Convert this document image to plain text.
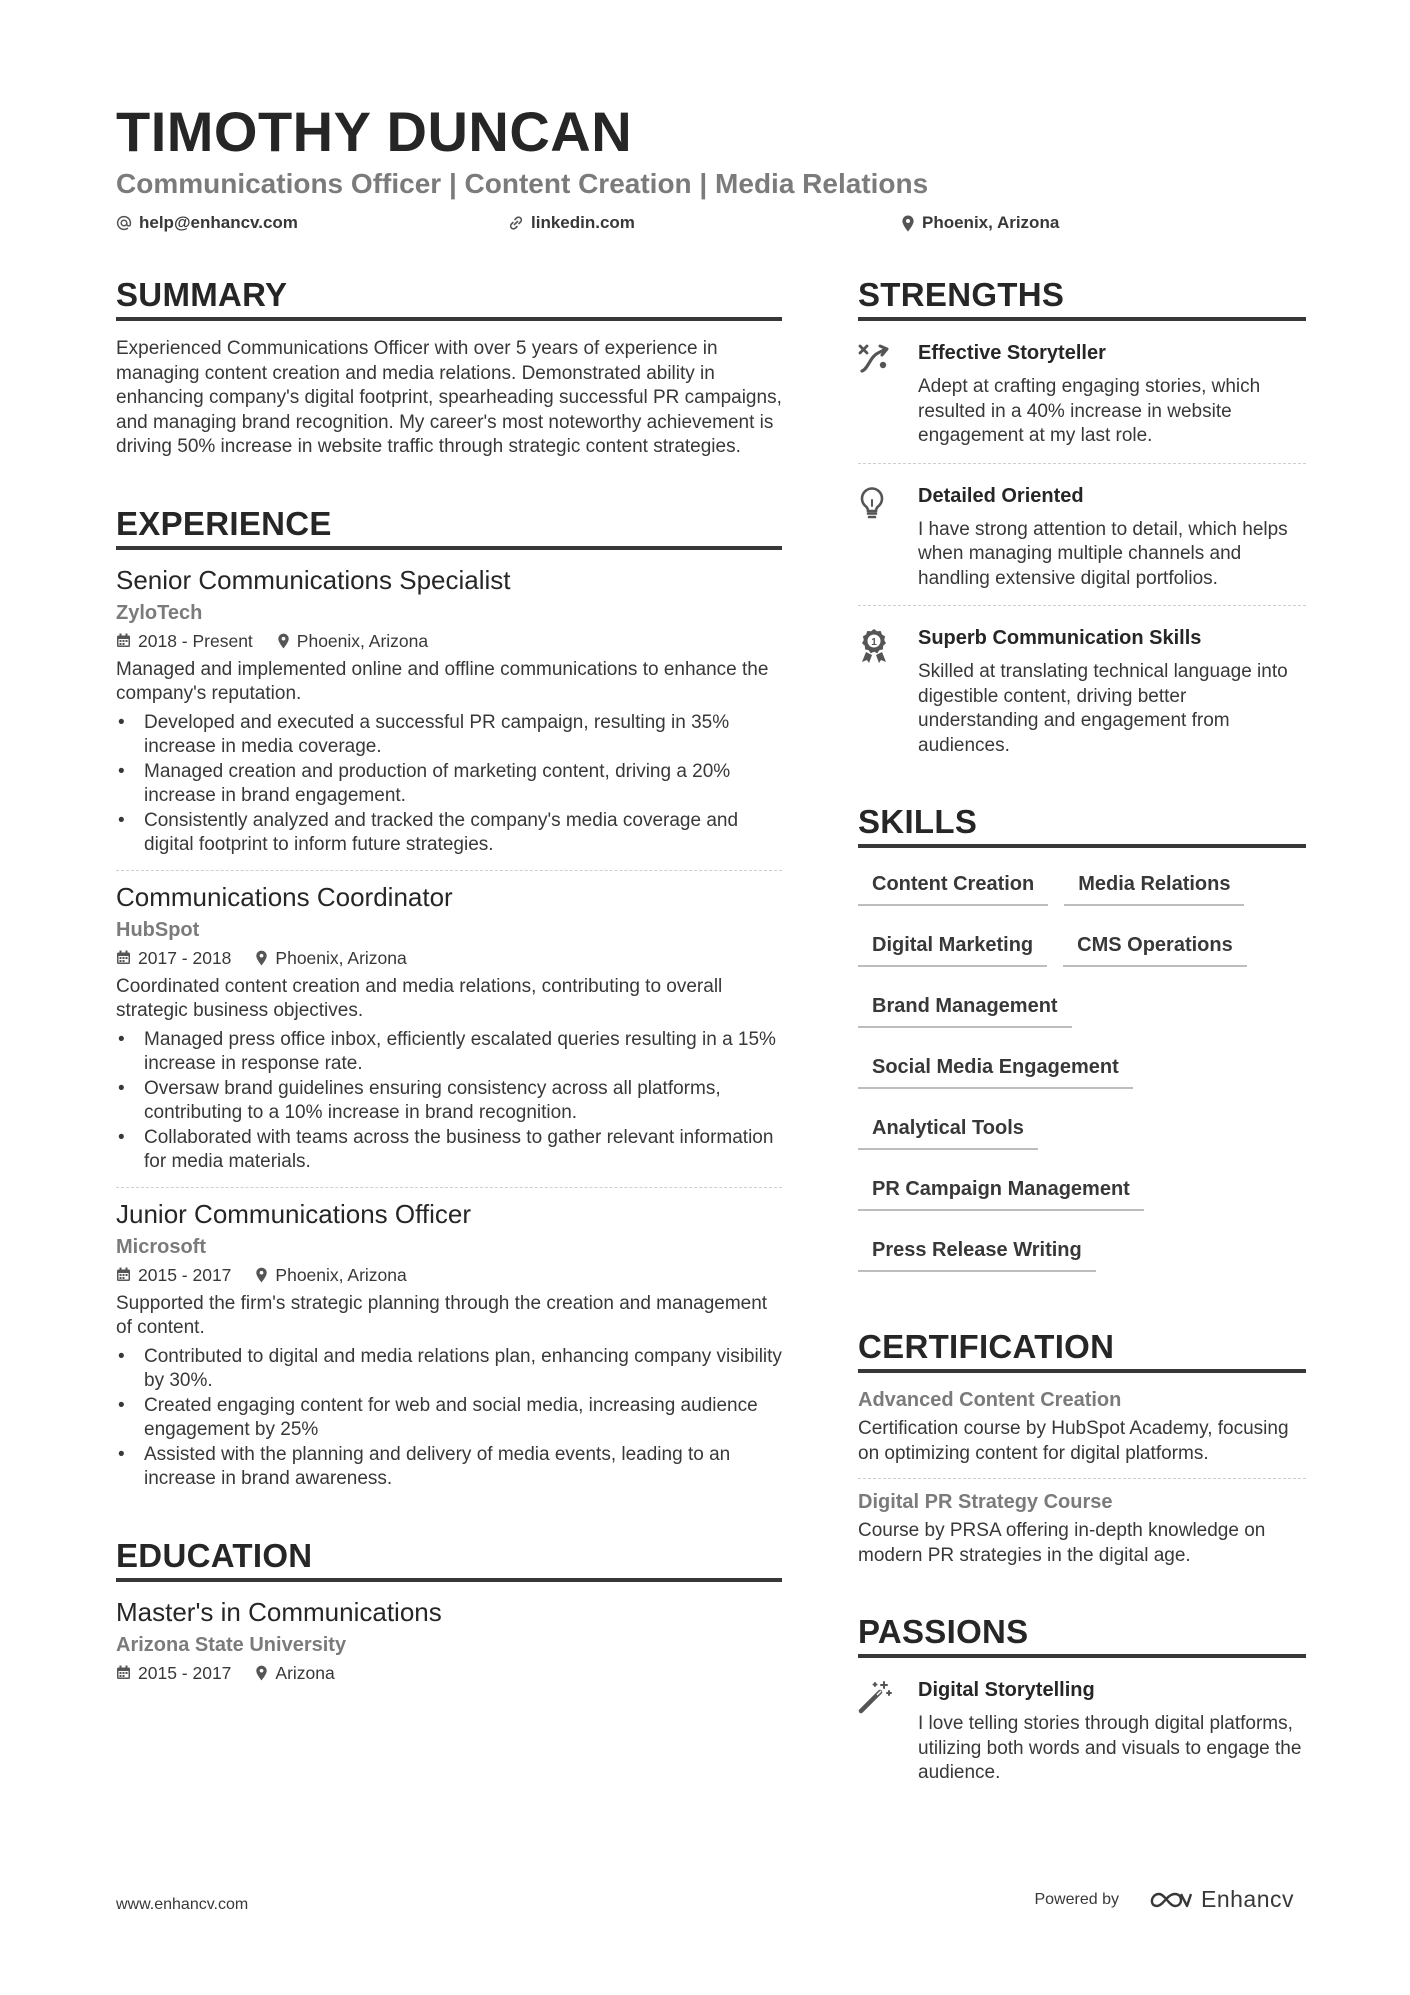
TIMOTHY DUNCAN
Communications Officer | Content Creation | Media Relations
help@enhancv.com	linkedin.com	Phoenix, Arizona
SUMMARY
Experienced Communications Officer with over 5 years of experience in managing content creation and media relations. Demonstrated ability in enhancing company's digital footprint, spearheading successful PR campaigns, and managing brand recognition. My career's most noteworthy achievement is driving 50% increase in website traffic through strategic content strategies.
EXPERIENCE
Senior Communications Specialist
ZyloTech
2018 - Present	Phoenix, Arizona
Managed and implemented online and offline communications to enhance the company's reputation.
• Developed and executed a successful PR campaign, resulting in 35% increase in media coverage.
• Managed creation and production of marketing content, driving a 20% increase in brand engagement.
• Consistently analyzed and tracked the company's media coverage and digital footprint to inform future strategies.
Communications Coordinator
HubSpot
2017 - 2018	Phoenix, Arizona
Coordinated content creation and media relations, contributing to overall strategic business objectives.
• Managed press office inbox, efficiently escalated queries resulting in a 15% increase in response rate.
• Oversaw brand guidelines ensuring consistency across all platforms, contributing to a 10% increase in brand recognition.
• Collaborated with teams across the business to gather relevant information for media materials.
Junior Communications Officer
Microsoft
2015 - 2017	Phoenix, Arizona
Supported the firm's strategic planning through the creation and management of content.
• Contributed to digital and media relations plan, enhancing company visibility by 30%.
• Created engaging content for web and social media, increasing audience engagement by 25%
• Assisted with the planning and delivery of media events, leading to an increase in brand awareness.
EDUCATION
Master's in Communications
Arizona State University
2015 - 2017	Arizona
STRENGTHS
Effective Storyteller
Adept at crafting engaging stories, which resulted in a 40% increase in website engagement at my last role.
Detailed Oriented
I have strong attention to detail, which helps when managing multiple channels and handling extensive digital portfolios.
1 Superb Communication Skills
Skilled at translating technical language into digestible content, driving better understanding and engagement from audiences.
SKILLS
Content Creation	Media Relations
Digital Marketing	CMS Operations
Brand Management
Social Media Engagement
Analytical Tools
PR Campaign Management
Press Release Writing
CERTIFICATION
Advanced Content Creation
Certification course by HubSpot Academy, focusing on optimizing content for digital platforms.
Digital PR Strategy Course
Course by PRSA offering in-depth knowledge on modern PR strategies in the digital age.
PASSIONS
Digital Storytelling
I love telling stories through digital platforms, utilizing both words and visuals to engage the audience.
www.enhancv.com	Powered by	Enhancv
